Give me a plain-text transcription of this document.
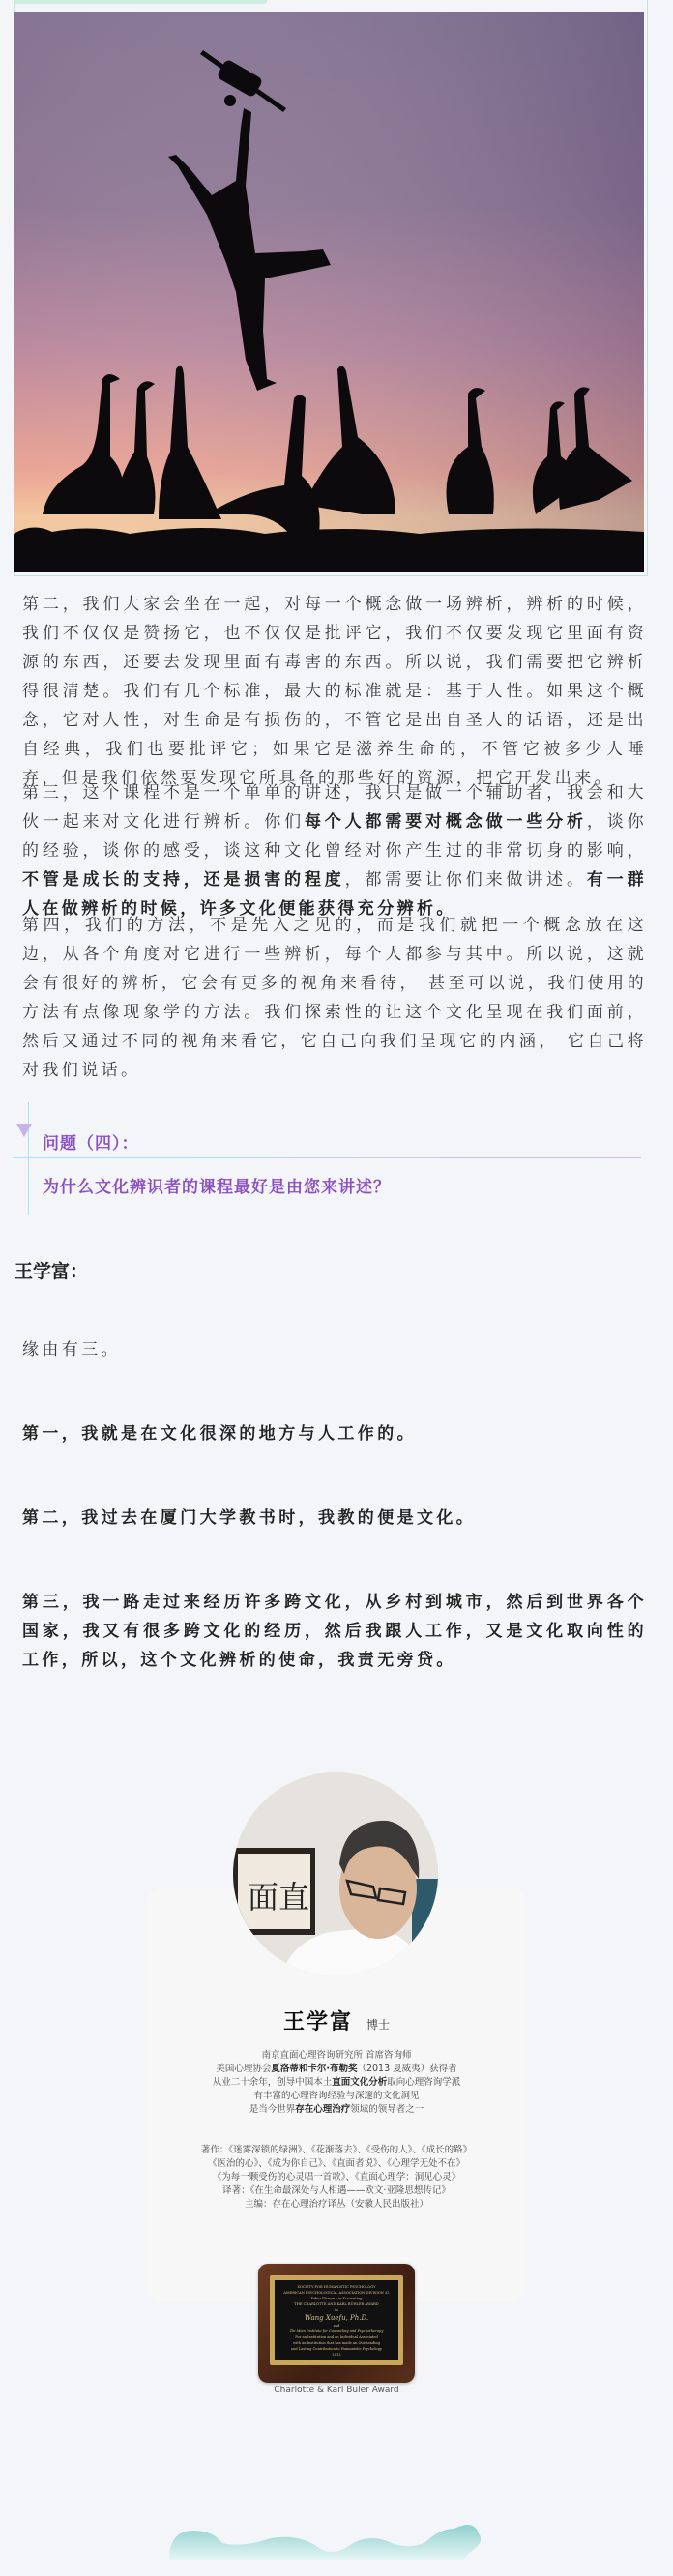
第二，我们大家会坐在一起，对每一个概念做一场辨析，辨析的时候，我们不仅仅是赞扬它，也不仅仅是批评它，我们不仅要发现它里面有资源的东西，还要去发现里面有毒害的东西。所以说，我们需要把它辨析得很清楚。我们有几个标准，最大的标准就是：基于人性。如果这个概念，它对人性，对生命是有损伤的，不管它是出自圣人的话语，还是出自经典，我们也要批评它；如果它是滋养生命的，不管它被多少人唾弃，但是我们依然要发现它所具备的那些好的资源，把它开发出来。

第三，这个课程不是一个单单的讲述，我只是做一个辅助者，我会和大伙一起来对文化进行辨析。你们每个人都需要对概念做一些分析，谈你的经验，谈你的感受，谈这种文化曾经对你产生过的非常切身的影响，不管是成长的支持，还是损害的程度，都需要让你们来做讲述。有一群人在做辨析的时候，许多文化便能获得充分辨析。

第四，我们的方法，不是先入之见的，而是我们就把一个概念放在这边，从各个角度对它进行一些辨析，每个人都参与其中。所以说，这就会有很好的辨析，它会有更多的视角来看待， 甚至可以说，我们使用的方法有点像现象学的方法。我们探索性的让这个文化呈现在我们面前，然后又通过不同的视角来看它，它自己向我们呈现它的内涵， 它自己将对我们说话。

问题（四）：
为什么文化辨识者的课程最好是由您来讲述？
王学富：

缘由有三。

第一，我就是在文化很深的地方与人工作的。

第二，我过去在厦门大学教书时，我教的便是文化。

第三，我一路走过来经历许多跨文化，从乡村到城市，然后到世界各个国家，我又有很多跨文化的经历，然后我跟人工作，又是文化取向性的工作，所以，这个文化辨析的使命，我责无旁贷。

面直
王学富 博士
南京直面心理咨询研究所 首席咨询师
美国心理协会夏洛蒂和卡尔·布勒奖（2013 夏威夷）获得者
从业二十余年，创导中国本土直面文化分析取向心理咨询学派
有丰富的心理咨询经验与深邃的文化洞见
是当今世界存在心理治疗领域的领导者之一
著作：《迷雾深锁的绿洲》、《花渐落去》、《受伤的人》、《成长的路》
《医治的心》、《成为你自己》、《直面者说》、《心理学无处不在》
《为每一颗受伤的心灵唱一首歌》、《直面心理学：洞见心灵》
译著：《在生命最深处与人相遇——欧文·亚隆思想传记》
主编：存在心理治疗译丛（安徽人民出版社）
SOCIETY FOR HUMANISTIC PSYCHOLOGY
AMERICAN PSYCHOLOGICAL ASSOCIATION DIVISION 32
Takes Pleasure in Presenting
THE CHARLOTTE AND KARL BÜHLER AWARD
to
Wang Xuefu, Ph.D.
and
Zhi Mian Institute for Counseling and Psychotherapy
For an Institution and an Individual Associated
with an Institution that has made an Outstanding
and Lasting Contribution to Humanistic Psychology
2013
Charlotte & Karl Buler Award
